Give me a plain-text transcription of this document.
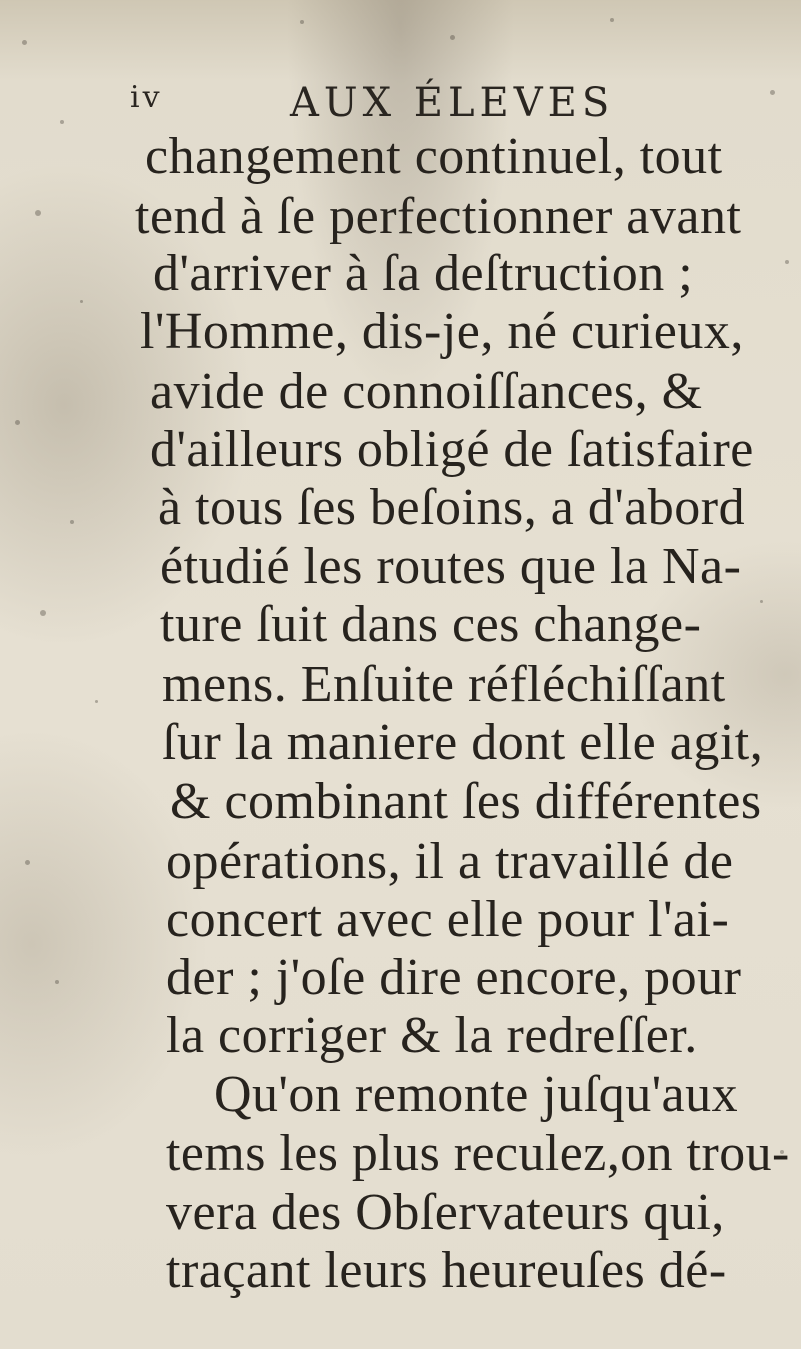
iv	AUX ÉLEVES
changement continuel, tout
tend à ſe perfectionner avant
d'arriver à ſa deſtruction ;
l'Homme, dis-je, né curieux,
avide de connoiſſances, &
d'ailleurs obligé de ſatisfaire
à tous ſes beſoins, a d'abord
étudié les routes que la Na-
ture ſuit dans ces change-
mens. Enſuite réfléchiſſant
ſur la maniere dont elle agit,
& combinant ſes différentes
opérations, il a travaillé de
concert avec elle pour l'ai-
der ; j'oſe dire encore, pour
la corriger & la redreſſer.
Qu'on remonte juſqu'aux
tems les plus reculez,on trou-
vera des Obſervateurs qui,
traçant leurs heureuſes dé-
